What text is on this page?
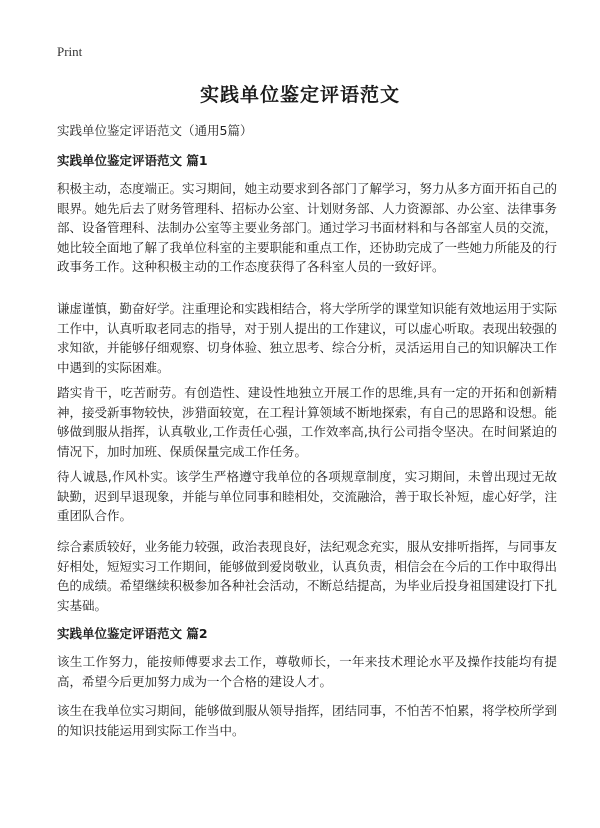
Print
实践单位鉴定评语范文
实践单位鉴定评语范文（通用5篇）
实践单位鉴定评语范文 篇1

积极主动，态度端正。实习期间，她主动要求到各部门了解学习，努力从多方面开拓自己的眼界。她先后去了财务管理科、招标办公室、计划财务部、人力资源部、办公室、法律事务部、设备管理科、法制办公室等主要业务部门。通过学习书面材料和与各部室人员的交流，她比较全面地了解了我单位科室的主要职能和重点工作，还协助完成了一些她力所能及的行政事务工作。这种积极主动的工作态度获得了各科室人员的一致好评。

谦虚谨慎，勤奋好学。注重理论和实践相结合，将大学所学的课堂知识能有效地运用于实际工作中，认真听取老同志的指导，对于别人提出的工作建议，可以虚心听取。表现出较强的求知欲，并能够仔细观察、切身体验、独立思考、综合分析，灵活运用自己的知识解决工作中遇到的实际困难。

踏实肯干，吃苦耐劳。有创造性、建设性地独立开展工作的思维,具有一定的开拓和创新精神，接受新事物较快，涉猎面较宽，在工程计算领域不断地探索，有自己的思路和设想。能够做到服从指挥，认真敬业,工作责任心强，工作效率高,执行公司指令坚决。在时间紧迫的情况下，加时加班、保质保量完成工作任务。

待人诚恳,作风朴实。该学生严格遵守我单位的各项规章制度，实习期间，未曾出现过无故缺勤，迟到早退现象，并能与单位同事和睦相处，交流融洽，善于取长补短，虚心好学，注重团队合作。

综合素质较好，业务能力较强，政治表现良好，法纪观念充实，服从安排听指挥，与同事友好相处，短短实习工作期间，能够做到爱岗敬业，认真负责，相信会在今后的工作中取得出色的成绩。希望继续积极参加各种社会活动，不断总结提高，为毕业后投身祖国建设打下扎实基础。

实践单位鉴定评语范文 篇2

该生工作努力，能按师傅要求去工作，尊敬师长，一年来技术理论水平及操作技能均有提高，希望今后更加努力成为一个合格的建设人才。

该生在我单位实习期间，能够做到服从领导指挥，团结同事，不怕苦不怕累，将学校所学到的知识技能运用到实际工作当中。
